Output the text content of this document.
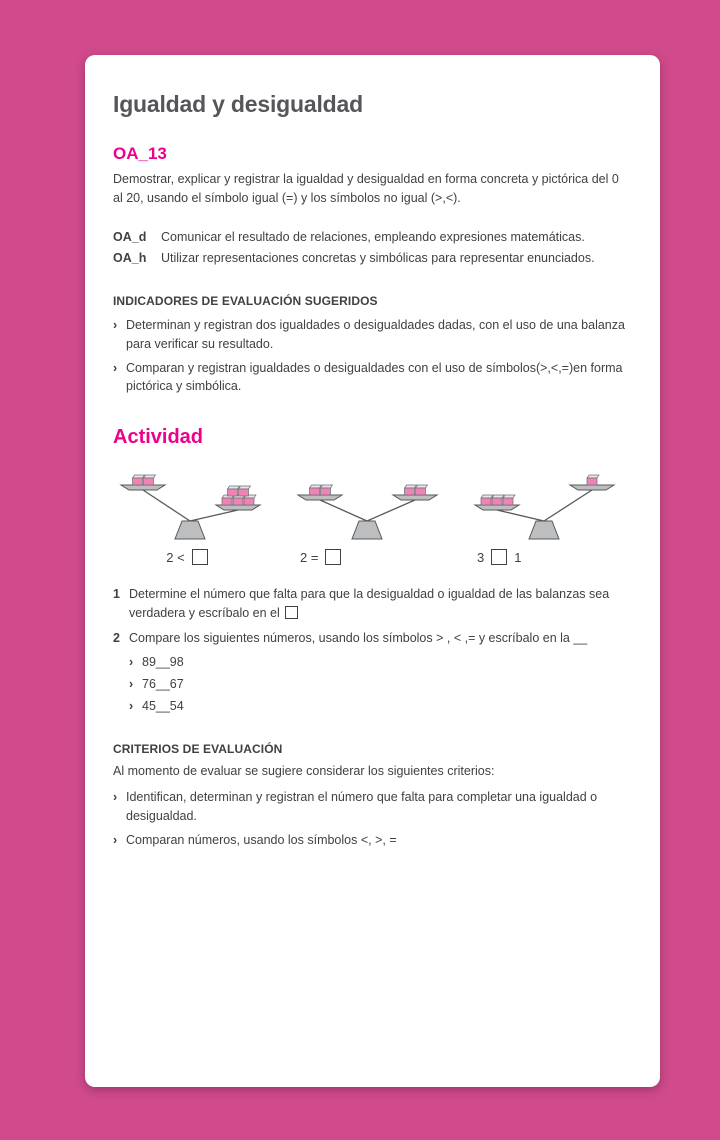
Igualdad y desigualdad
OA_13

Demostrar, explicar y registrar la igualdad y desigualdad en forma concreta y pictórica del 0 al 20, usando el símbolo igual (=) y los símbolos no igual (>,<).

OA_d	Comunicar el resultado de relaciones, empleando expresiones matemáticas.
OA_h	Utilizar representaciones concretas y simbólicas para representar enunciados.
INDICADORES DE EVALUACIÓN SUGERIDOS
› Determinan y registran dos igualdades o desigualdades dadas, con el uso de una balanza para verificar su resultado.
› Comparan y registran igualdades o desigualdades con el uso de símbolos(>,<,=)en forma pictórica y simbólica.
Actividad
2 <	2 =	3 1
1 Determine el número que falta para que la desigualdad o igualdad de las balanzas sea verdadera y escríbalo en el
2 Compare los siguientes números, usando los símbolos > , < ,= y escríbalo en la __
› 89__98
› 76__67
› 45__54
CRITERIOS DE EVALUACIÓN

Al momento de evaluar se sugiere considerar los siguientes criterios:

› Identifican, determinan y registran el número que falta para completar una igualdad o desigualdad.
› Comparan números, usando los símbolos <, >, =
